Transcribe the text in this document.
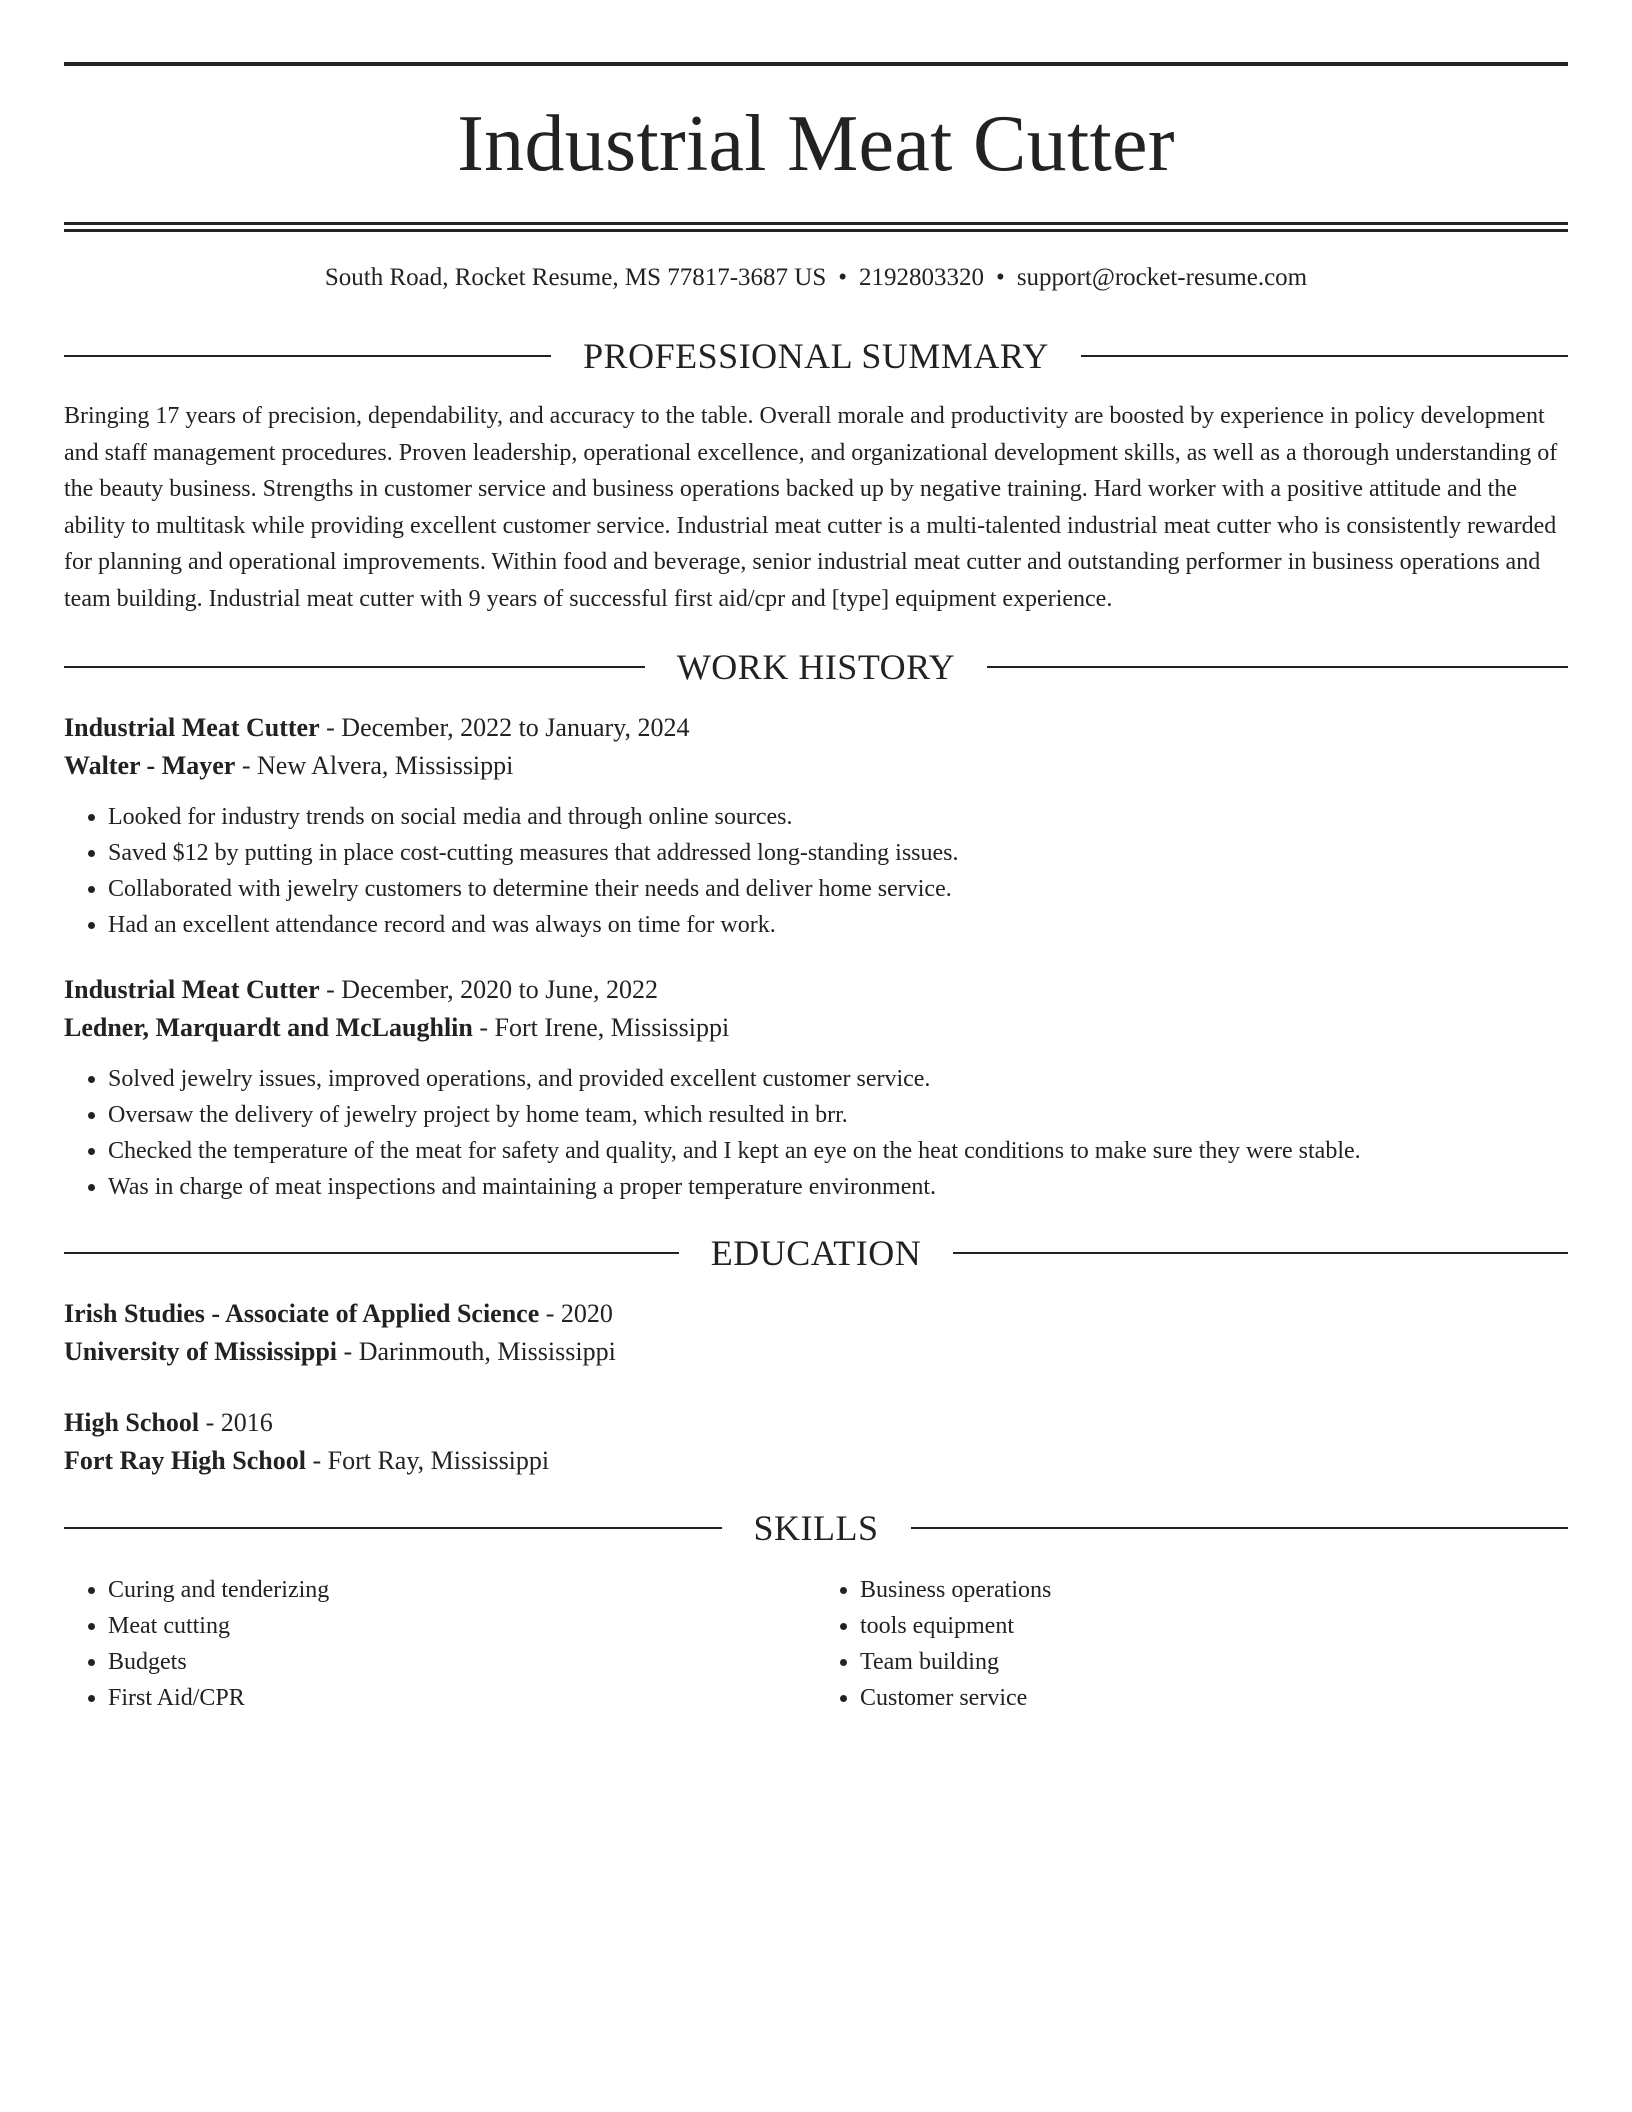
Industrial Meat Cutter
South Road, Rocket Resume, MS 77817-3687 US • 2192803320 • support@rocket-resume.com
PROFESSIONAL SUMMARY

Bringing 17 years of precision, dependability, and accuracy to the table. Overall morale and productivity are boosted by experience in policy development and staff management procedures. Proven leadership, operational excellence, and organizational development skills, as well as a thorough understanding of the beauty business. Strengths in customer service and business operations backed up by negative training. Hard worker with a positive attitude and the ability to multitask while providing excellent customer service. Industrial meat cutter is a multi-talented industrial meat cutter who is consistently rewarded for planning and operational improvements. Within food and beverage, senior industrial meat cutter and outstanding performer in business operations and team building. Industrial meat cutter with 9 years of successful first aid/cpr and [type] equipment experience.

WORK HISTORY
Industrial Meat Cutter - December, 2022 to January, 2024
Walter - Mayer - New Alvera, Mississippi
• Looked for industry trends on social media and through online sources.
• Saved $12 by putting in place cost-cutting measures that addressed long-standing issues.
• Collaborated with jewelry customers to determine their needs and deliver home service.
• Had an excellent attendance record and was always on time for work.
Industrial Meat Cutter - December, 2020 to June, 2022
Ledner, Marquardt and McLaughlin - Fort Irene, Mississippi
• Solved jewelry issues, improved operations, and provided excellent customer service.
• Oversaw the delivery of jewelry project by home team, which resulted in brr.
• Checked the temperature of the meat for safety and quality, and I kept an eye on the heat conditions to make sure they were stable.
• Was in charge of meat inspections and maintaining a proper temperature environment.
EDUCATION
Irish Studies - Associate of Applied Science - 2020
University of Mississippi - Darinmouth, Mississippi
High School - 2016
Fort Ray High School - Fort Ray, Mississippi
SKILLS
• Curing and tenderizing
• Meat cutting
• Budgets
• First Aid/CPR
• Business operations
• tools equipment
• Team building
• Customer service
